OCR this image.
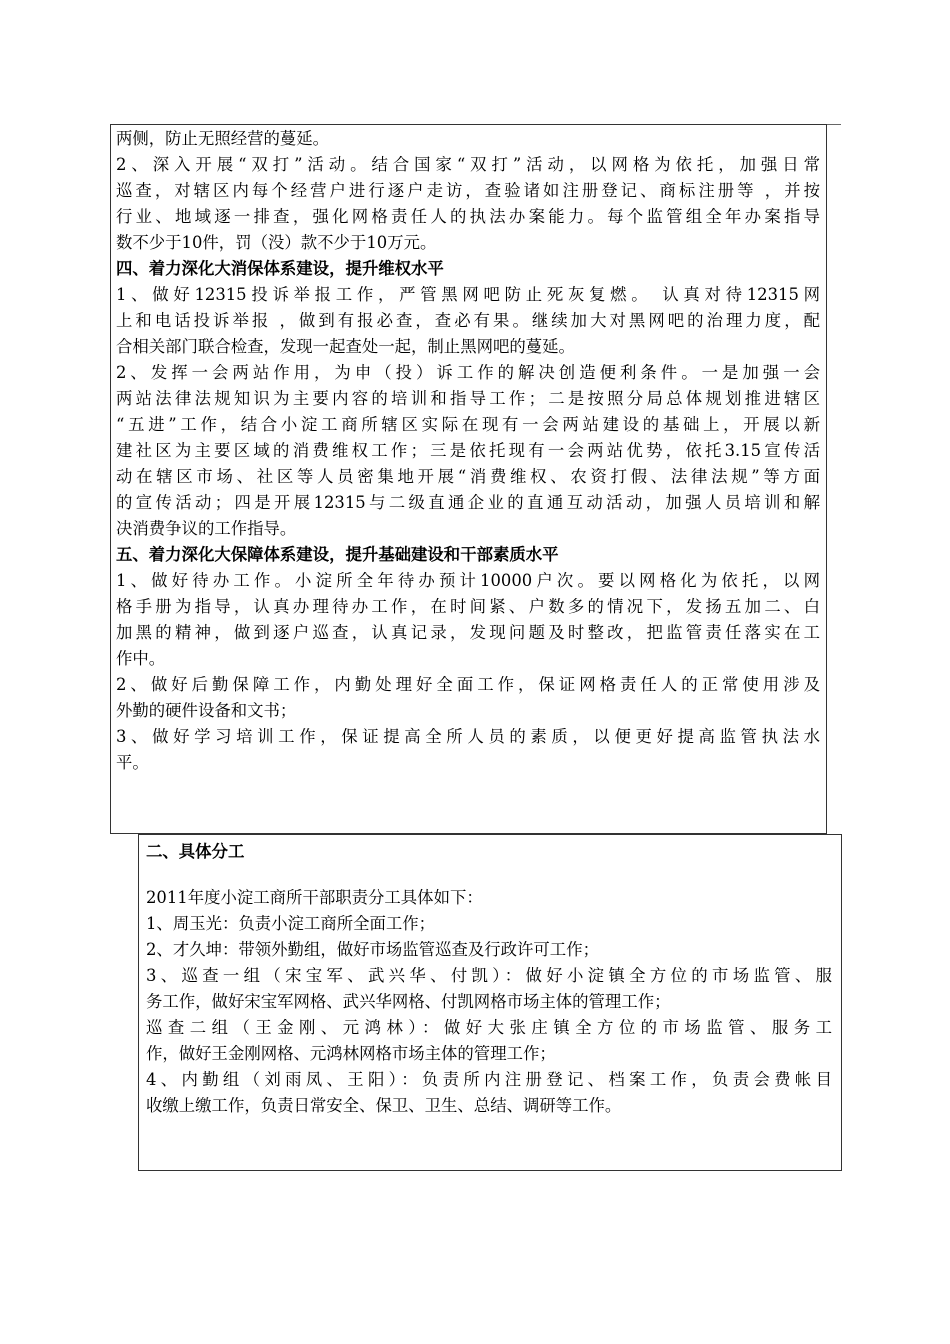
两侧，防止无照经营的蔓延。
2、深入开展“双打”活动。结合国家“双打”活动，以网格为依托，加强日常
巡查，对辖区内每个经营户进行逐户走访，查验诸如注册登记、商标注册等 ，并按
行业、地域逐一排查，强化网格责任人的执法办案能力。每个监管组全年办案指导
数不少于10件，罚（没）款不少于10万元。
四、着力深化大消保体系建设，提升维权水平
1、做好12315投诉举报工作，严管黑网吧防止死灰复燃。 认真对待12315网
上和电话投诉举报 ，做到有报必查，查必有果。继续加大对黑网吧的治理力度，配
合相关部门联合检查，发现一起查处一起，制止黑网吧的蔓延。
2、发挥一会两站作用，为申（投）诉工作的解决创造便利条件。一是加强一会
两站法律法规知识为主要内容的培训和指导工作；二是按照分局总体规划推进辖区
“五进”工作，结合小淀工商所辖区实际在现有一会两站建设的基础上，开展以新
建社区为主要区域的消费维权工作；三是依托现有一会两站优势，依托3.15宣传活
动在辖区市场、社区等人员密集地开展“消费维权、农资打假、法律法规”等方面
的宣传活动；四是开展12315与二级直通企业的直通互动活动，加强人员培训和解
决消费争议的工作指导。
五、着力深化大保障体系建设，提升基础建设和干部素质水平
1、做好待办工作。小淀所全年待办预计10000户次。要以网格化为依托，以网
格手册为指导，认真办理待办工作，在时间紧、户数多的情况下，发扬五加二、白
加黑的精神，做到逐户巡查，认真记录，发现问题及时整改，把监管责任落实在工
作中。
2、做好后勤保障工作，内勤处理好全面工作，保证网格责任人的正常使用涉及
外勤的硬件设备和文书；
3、做好学习培训工作，保证提高全所人员的素质，以便更好提高监管执法水
平。
二、具体分工
2011年度小淀工商所干部职责分工具体如下：
1、周玉光：负责小淀工商所全面工作；
2、才久坤：带领外勤组，做好市场监管巡查及行政许可工作；
3、巡查一组（宋宝军、武兴华、付凯）：做好小淀镇全方位的市场监管、服
务工作，做好宋宝军网格、武兴华网格、付凯网格市场主体的管理工作；
巡查二组（王金刚、元鸿林）：做好大张庄镇全方位的市场监管、服务工
作，做好王金刚网格、元鸿林网格市场主体的管理工作；
4、内勤组（刘雨凤、王阳）：负责所内注册登记、档案工作，负责会费帐目
收缴上缴工作，负责日常安全、保卫、卫生、总结、调研等工作。
